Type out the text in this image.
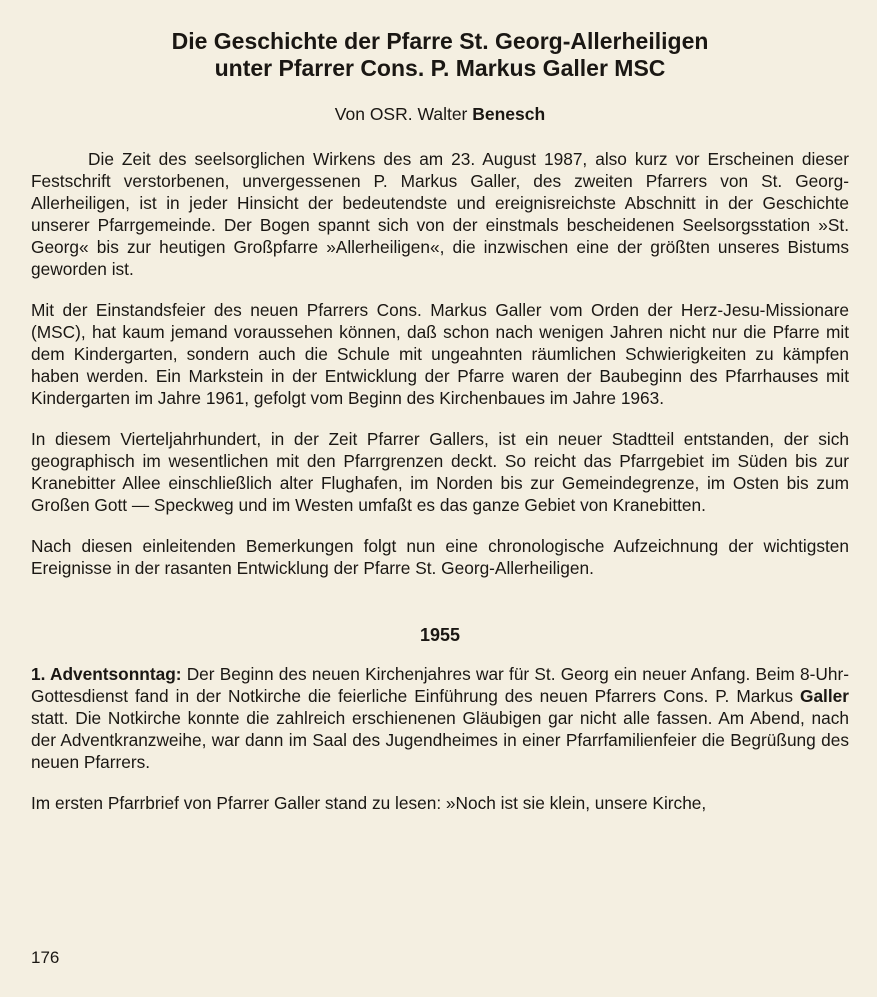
Die Geschichte der Pfarre St. Georg-Allerheiligen
unter Pfarrer Cons. P. Markus Galler MSC
Von OSR. Walter Benesch

Die Zeit des seelsorglichen Wirkens des am 23. August 1987, also kurz vor Erscheinen dieser Festschrift verstorbenen, unvergessenen P. Markus Galler, des zweiten Pfarrers von St. Georg-Allerheiligen, ist in jeder Hinsicht der bedeutendste und ereignisreichste Abschnitt in der Geschichte unserer Pfarrgemeinde. Der Bogen spannt sich von der einstmals bescheidenen Seelsorgsstation »St. Georg« bis zur heutigen Großpfarre »Allerheiligen«, die inzwischen eine der größten unseres Bistums geworden ist.

Mit der Einstandsfeier des neuen Pfarrers Cons. Markus Galler vom Orden der Herz-Jesu-Missionare (MSC), hat kaum jemand voraussehen können, daß schon nach wenigen Jahren nicht nur die Pfarre mit dem Kindergarten, sondern auch die Schule mit ungeahnten räumlichen Schwierigkeiten zu kämpfen haben werden. Ein Markstein in der Entwicklung der Pfarre waren der Baubeginn des Pfarrhauses mit Kindergarten im Jahre 1961, gefolgt vom Beginn des Kirchenbaues im Jahre 1963.

In diesem Vierteljahrhundert, in der Zeit Pfarrer Gallers, ist ein neuer Stadtteil entstanden, der sich geographisch im wesentlichen mit den Pfarrgrenzen deckt. So reicht das Pfarrgebiet im Süden bis zur Kranebitter Allee einschließlich alter Flughafen, im Norden bis zur Gemeindegrenze, im Osten bis zum Großen Gott — Speckweg und im Westen umfaßt es das ganze Gebiet von Kranebitten.

Nach diesen einleitenden Bemerkungen folgt nun eine chronologische Aufzeichnung der wichtigsten Ereignisse in der rasanten Entwicklung der Pfarre St. Georg-Allerheiligen.

1955

1. Adventsonntag: Der Beginn des neuen Kirchenjahres war für St. Georg ein neuer Anfang. Beim 8-Uhr-Gottesdienst fand in der Notkirche die feierliche Einführung des neuen Pfarrers Cons. P. Markus Galler statt. Die Notkirche konnte die zahlreich erschienenen Gläubigen gar nicht alle fassen. Am Abend, nach der Adventkranzweihe, war dann im Saal des Jugendheimes in einer Pfarrfamilienfeier die Begrüßung des neuen Pfarrers.

Im ersten Pfarrbrief von Pfarrer Galler stand zu lesen: »Noch ist sie klein, unsere Kirche,

176
